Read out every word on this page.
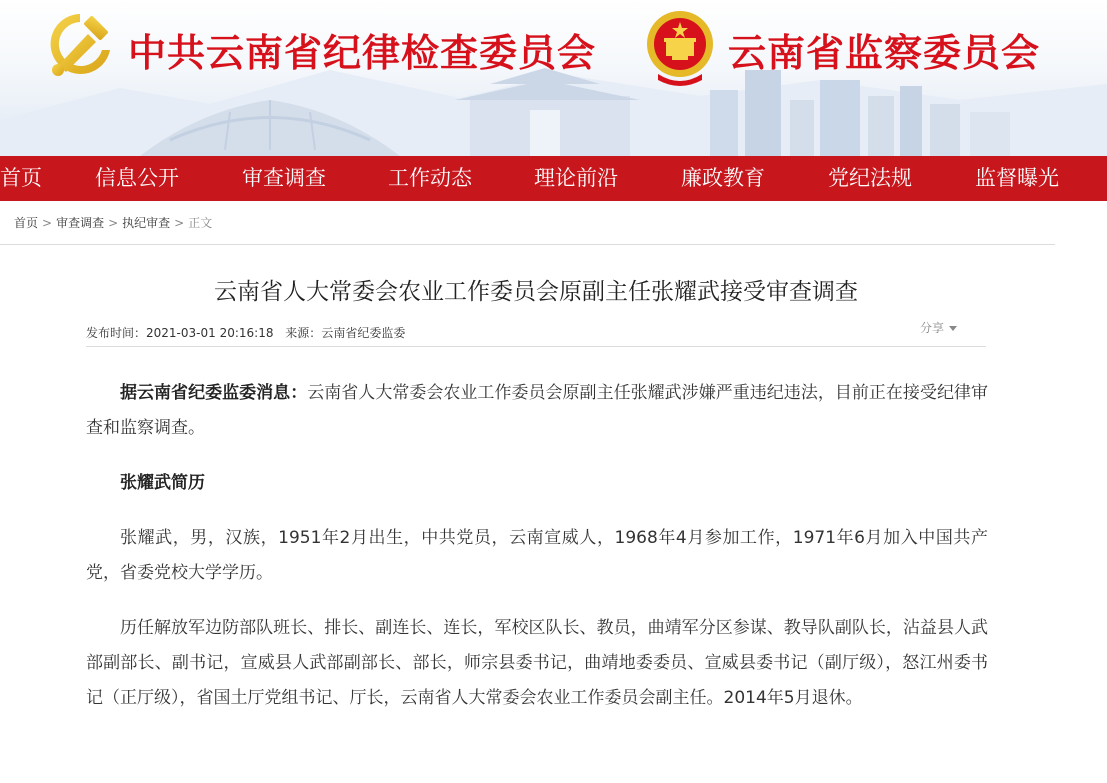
中共云南省纪律检查委员会	云南省监察委员会
首页	信息公开	审查调查	工作动态	理论前沿	廉政教育	党纪法规	监督曝光
首页 > 审查调查 > 执纪审查 > 正文
云南省人大常委会农业工作委员会原副主任张耀武接受审查调查
发布时间：2021-03-01 20:16:18 来源：云南省纪委监委	分享

据云南省纪委监委消息：云南省人大常委会农业工作委员会原副主任张耀武涉嫌严重违纪违法，目前正在接受纪律审查和监察调查。

张耀武简历

张耀武，男，汉族，1951年2月出生，中共党员，云南宣威人，1968年4月参加工作，1971年6月加入中国共产党，省委党校大学学历。

历任解放军边防部队班长、排长、副连长、连长，军校区队长、教员，曲靖军分区参谋、教导队副队长，沾益县人武部副部长、副书记，宣威县人武部副部长、部长，师宗县委书记，曲靖地委委员、宣威县委书记（副厅级），怒江州委书记（正厅级），省国土厅党组书记、厅长，云南省人大常委会农业工作委员会副主任。2014年5月退休。
